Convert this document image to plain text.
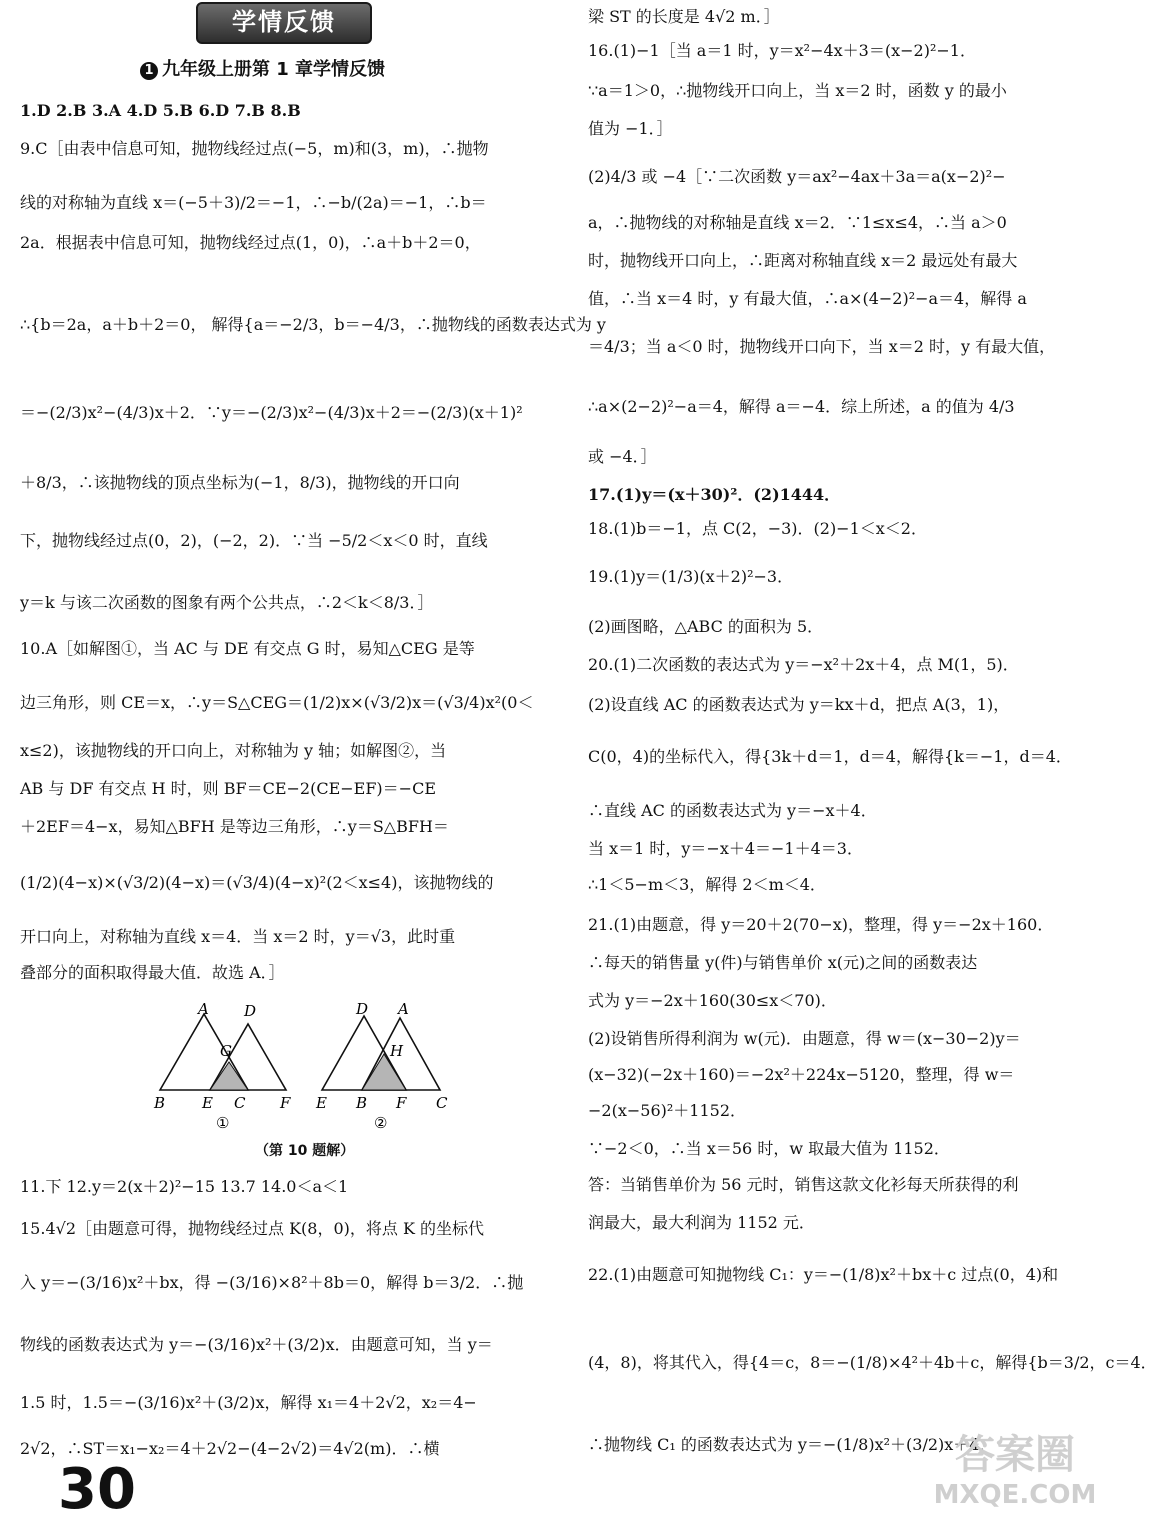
学情反馈
1 九年级上册第 1 章学情反馈
1.D 2.B 3.A 4.D 5.B 6.D 7.B 8.B
9.C［由表中信息可知，抛物线经过点(−5，m)和(3，m)，∴抛物
线的对称轴为直线 x＝(−5＋3)/2＝−1，∴−b/(2a)＝−1，∴b＝
2a．根据表中信息可知，抛物线经过点(1，0)，∴a＋b＋2＝0，
∴{b＝2a，a＋b＋2＝0， 解得{a＝−2/3，b＝−4/3，∴抛物线的函数表达式为 y
＝−(2/3)x²−(4/3)x＋2．∵y＝−(2/3)x²−(4/3)x＋2＝−(2/3)(x＋1)²
＋8/3，∴该抛物线的顶点坐标为(−1，8/3)，抛物线的开口向
下，抛物线经过点(0，2)，(−2，2)．∵当 −5/2＜x＜0 时，直线
y＝k 与该二次函数的图象有两个公共点，∴2＜k＜8/3．］
10.A［如解图①，当 AC 与 DE 有交点 G 时，易知△CEG 是等
边三角形，则 CE＝x，∴y＝S△CEG＝(1/2)x×(√3/2)x＝(√3/4)x²(0＜
x≤2)，该抛物线的开口向上，对称轴为 y 轴；如解图②，当
AB 与 DF 有交点 H 时，则 BF＝CE−2(CE−EF)＝−CE
＋2EF＝4−x，易知△BFH 是等边三角形，∴y＝S△BFH＝
(1/2)(4−x)×(√3/2)(4−x)＝(√3/4)(4−x)²(2＜x≤4)，该抛物线的
开口向上，对称轴为直线 x＝4．当 x＝2 时，y＝√3，此时重
叠部分的面积取得最大值．故选 A．］
11.下 12.y＝2(x＋2)²−15 13.7 14.0＜a＜1
15.4√2［由题意可得，抛物线经过点 K(8，0)，将点 K 的坐标代
入 y＝−(3/16)x²＋bx，得 −(3/16)×8²＋8b＝0，解得 b＝3/2．∴抛
物线的函数表达式为 y＝−(3/16)x²＋(3/2)x．由题意可知，当 y＝
1.5 时，1.5＝−(3/16)x²＋(3/2)x，解得 x₁＝4＋2√2，x₂＝4−
2√2，∴ST＝x₁−x₂＝4＋2√2−(4−2√2)＝4√2(m)．∴横
A D
G
B E C F
①
D A
H
E B F C
②
（第 10 题解）
梁 ST 的长度是 4√2 m．］
16.(1)−1［当 a＝1 时，y＝x²−4x＋3＝(x−2)²−1．
∵a＝1＞0，∴抛物线开口向上，当 x＝2 时，函数 y 的最小
值为 −1．］
(2)4/3 或 −4［∵二次函数 y＝ax²−4ax＋3a＝a(x−2)²−
a，∴抛物线的对称轴是直线 x＝2．∵1≤x≤4，∴当 a＞0
时，抛物线开口向上，∴距离对称轴直线 x＝2 最远处有最大
值，∴当 x＝4 时，y 有最大值，∴a×(4−2)²−a＝4，解得 a
＝4/3；当 a＜0 时，抛物线开口向下，当 x＝2 时，y 有最大值，
∴a×(2−2)²−a＝4，解得 a＝−4．综上所述，a 的值为 4/3
或 −4．］
17.(1)y＝(x＋30)²．(2)1444．
18.(1)b＝−1，点 C(2，−3)．(2)−1＜x＜2．
19.(1)y＝(1/3)(x＋2)²−3．
(2)画图略，△ABC 的面积为 5．
20.(1)二次函数的表达式为 y＝−x²＋2x＋4，点 M(1，5)．
(2)设直线 AC 的函数表达式为 y＝kx＋d，把点 A(3，1)，
C(0，4)的坐标代入，得{3k＋d＝1，d＝4，解得{k＝−1，d＝4．
∴直线 AC 的函数表达式为 y＝−x＋4．
当 x＝1 时，y＝−x＋4＝−1＋4＝3．
∴1＜5−m＜3，解得 2＜m＜4．
21.(1)由题意，得 y＝20＋2(70−x)，整理，得 y＝−2x＋160．
∴每天的销售量 y(件)与销售单价 x(元)之间的函数表达
式为 y＝−2x＋160(30≤x＜70)．
(2)设销售所得利润为 w(元)．由题意，得 w＝(x−30−2)y＝
(x−32)(−2x＋160)＝−2x²＋224x−5120，整理，得 w＝
−2(x−56)²＋1152．
∵−2＜0，∴当 x＝56 时，w 取最大值为 1152．
答：当销售单价为 56 元时，销售这款文化衫每天所获得的利
润最大，最大利润为 1152 元．
22.(1)由题意可知抛物线 C₁：y＝−(1/8)x²＋bx＋c 过点(0，4)和
(4，8)，将其代入，得{4＝c，8＝−(1/8)×4²＋4b＋c，解得{b＝3/2，c＝4．
∴抛物线 C₁ 的函数表达式为 y＝−(1/8)x²＋(3/2)x＋4．
30
答案圈
MXQE.COM
